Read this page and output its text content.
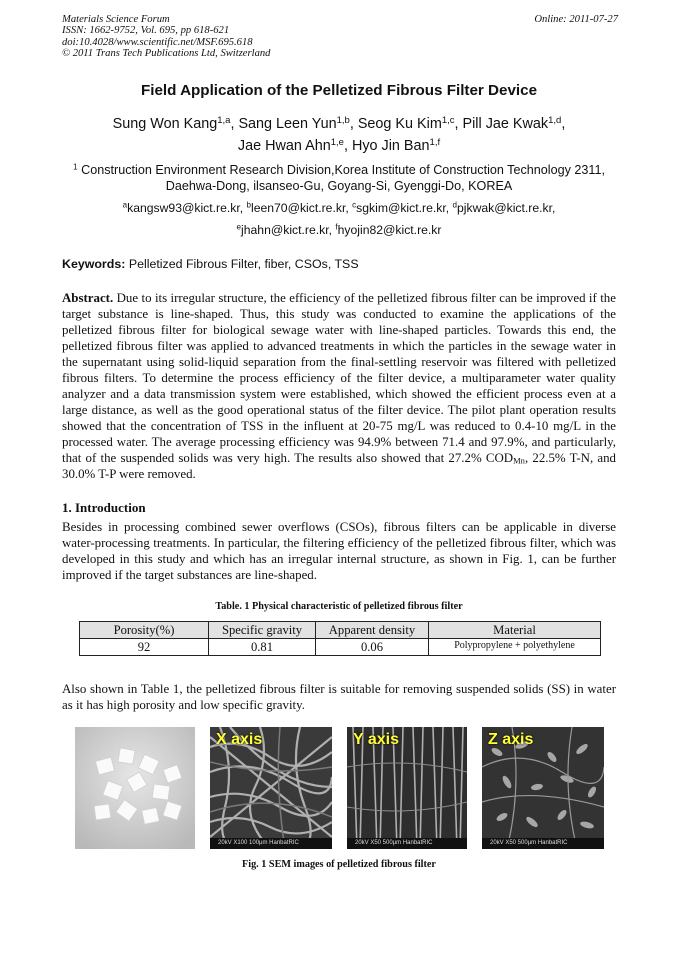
Materials Science Forum
ISSN: 1662-9752, Vol. 695, pp 618-621
doi:10.4028/www.scientific.net/MSF.695.618
© 2011 Trans Tech Publications Ltd, Switzerland
Online: 2011-07-27
Field Application of the Pelletized Fibrous Filter Device
Sung Won Kang$^{1,a}$, Sang Leen Yun$^{1,b}$, Seog Ku Kim$^{1,c}$, Pill Jae Kwak$^{1,d}$,
Jae Hwan Ahn$^{1,e}$, Hyo Jin Ban$^{1,f}$
$^1$ Construction Environment Research Division,Korea Institute of Construction Technology 2311,
Daehwa-Dong, ilsanseo-Gu, Goyang-Si, Gyenggi-Do, KOREA
$^a$kangsw93@kict.re.kr, $^b$leen70@kict.re.kr, $^c$sgkim@kict.re.kr, $^d$pjkwak@kict.re.kr,
$^e$jhahn@kict.re.kr, $^f$hyojin82@kict.re.kr
Keywords: Pelletized Fibrous Filter, fiber, CSOs, TSS
Abstract. Due to its irregular structure, the efficiency of the pelletized fibrous filter can be improved if the target substance is line-shaped. Thus, this study was conducted to examine the applications of the pelletized fibrous filter for biological sewage water with line-shaped particles. Towards this end, the pelletized fibrous filter was applied to advanced treatments in which the particles in the sewage water in the supernatant using solid-liquid separation from the final-settling reservoir was filtered with pelletized fibrous filters. To determine the process efficiency of the filter device, a multiparameter water quality analyzer and a data transmission system were established, which showed the efficient process even at a large distance, as well as the good operational status of the filter device. The pilot plant operation results showed that the concentration of TSS in the influent at 20-75 mg/L was reduced to 0.4-10 mg/L in the processed water. The average processing efficiency was 94.9% between 71.4 and 97.9%, and particularly, that of the suspended solids was very high. The results also showed that 27.2% $COD_{Mn}$, 22.5% T-N, and 30.0% T-P were removed.
1. Introduction
Besides in processing combined sewer overflows (CSOs), fibrous filters can be applicable in diverse water-processing treatments. In particular, the filtering efficiency of the pelletized fibrous filter, which was developed in this study and which has an irregular internal structure, as shown in Fig. 1, can be further improved if the target substances are line-shaped.
Table. 1 Physical characteristic of pelletized fibrous filter
Porosity(%)	Specific gravity	Apparent density	Material
92	0.81	0.06	Polypropylene + polyethylene
Also shown in Table 1, the pelletized fibrous filter is suitable for removing suspended solids (SS) in water as it has high porosity and low specific gravity.
X axis
20kV X100 100µm HanbatRIC
Y axis
20kV X50 500µm HanbatRIC
Z axis
20kV X50 500µm HanbatRIC
Fig. 1 SEM images of pelletized fibrous filter
